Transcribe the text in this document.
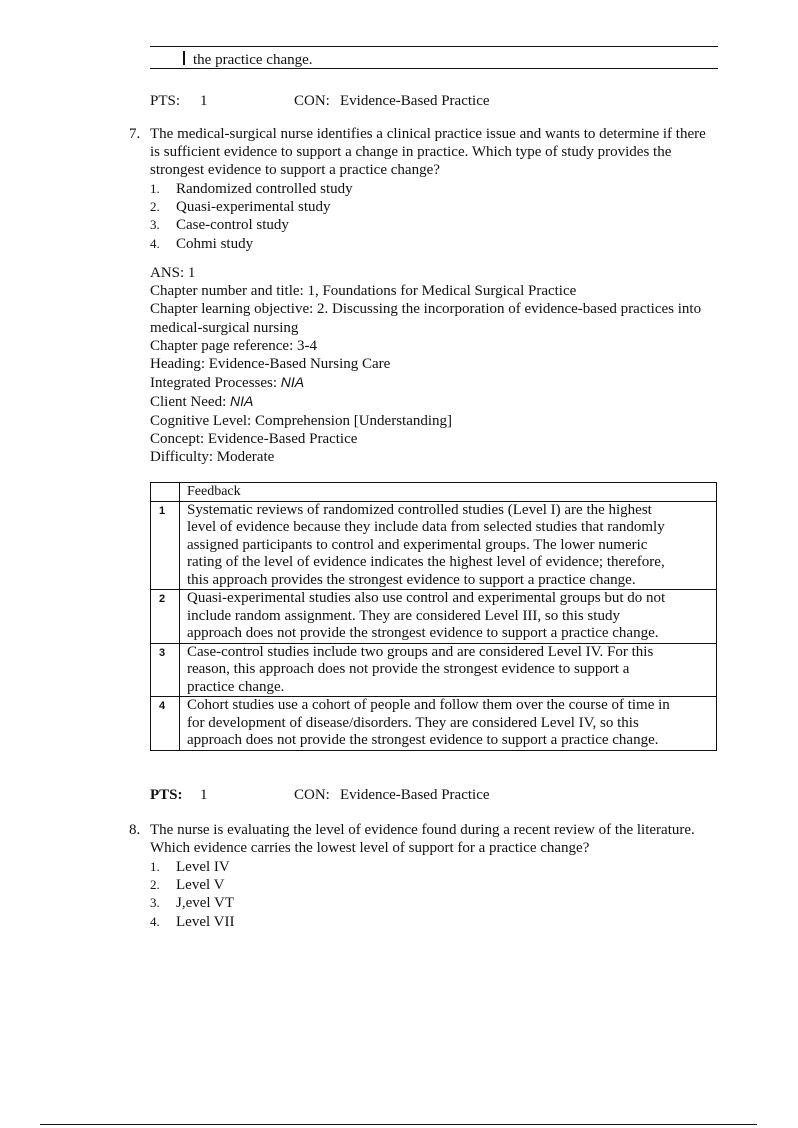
the practice change.
PTS: 1	CON: Evidence-Based Practice
7. The medical-surgical nurse identifies a clinical practice issue and wants to determine if there
is sufficient evidence to support a change in practice. Which type of study provides the
strongest evidence to support a practice change?
1.	Randomized controlled study
2.	Quasi-experimental study
3.	Case-control study
4.	Cohmi study
ANS: 1
Chapter number and title: 1, Foundations for Medical Surgical Practice
Chapter learning objective: 2. Discussing the incorporation of evidence-based practices into
medical-surgical nursing
Chapter page reference: 3-4
Heading: Evidence-Based Nursing Care
Integrated Processes: NIA
Client Need: NIA
Cognitive Level: Comprehension [Understanding]
Concept: Evidence-Based Practice
Difficulty: Moderate
	Feedback
1	Systematic reviews of randomized controlled studies (Level I) are the highest
level of evidence because they include data from selected studies that randomly
assigned participants to control and experimental groups. The lower numeric
rating of the level of evidence indicates the highest level of evidence; therefore,
this approach provides the strongest evidence to support a practice change.

2	Quasi-experimental studies also use control and experimental groups but do not
include random assignment. They are considered Level III, so this study
approach does not provide the strongest evidence to support a practice change.

3	Case-control studies include two groups and are considered Level IV. For this
reason, this approach does not provide the strongest evidence to support a
practice change.

4	Cohort studies use a cohort of people and follow them over the course of time in
for development of disease/disorders. They are considered Level IV, so this
approach does not provide the strongest evidence to support a practice change.
PTS: 1	CON: Evidence-Based Practice
8. The nurse is evaluating the level of evidence found during a recent review of the literature.
Which evidence carries the lowest level of support for a practice change?
1.	Level IV
2.	Level V
3.	J,evel VT
4.	Level VII
